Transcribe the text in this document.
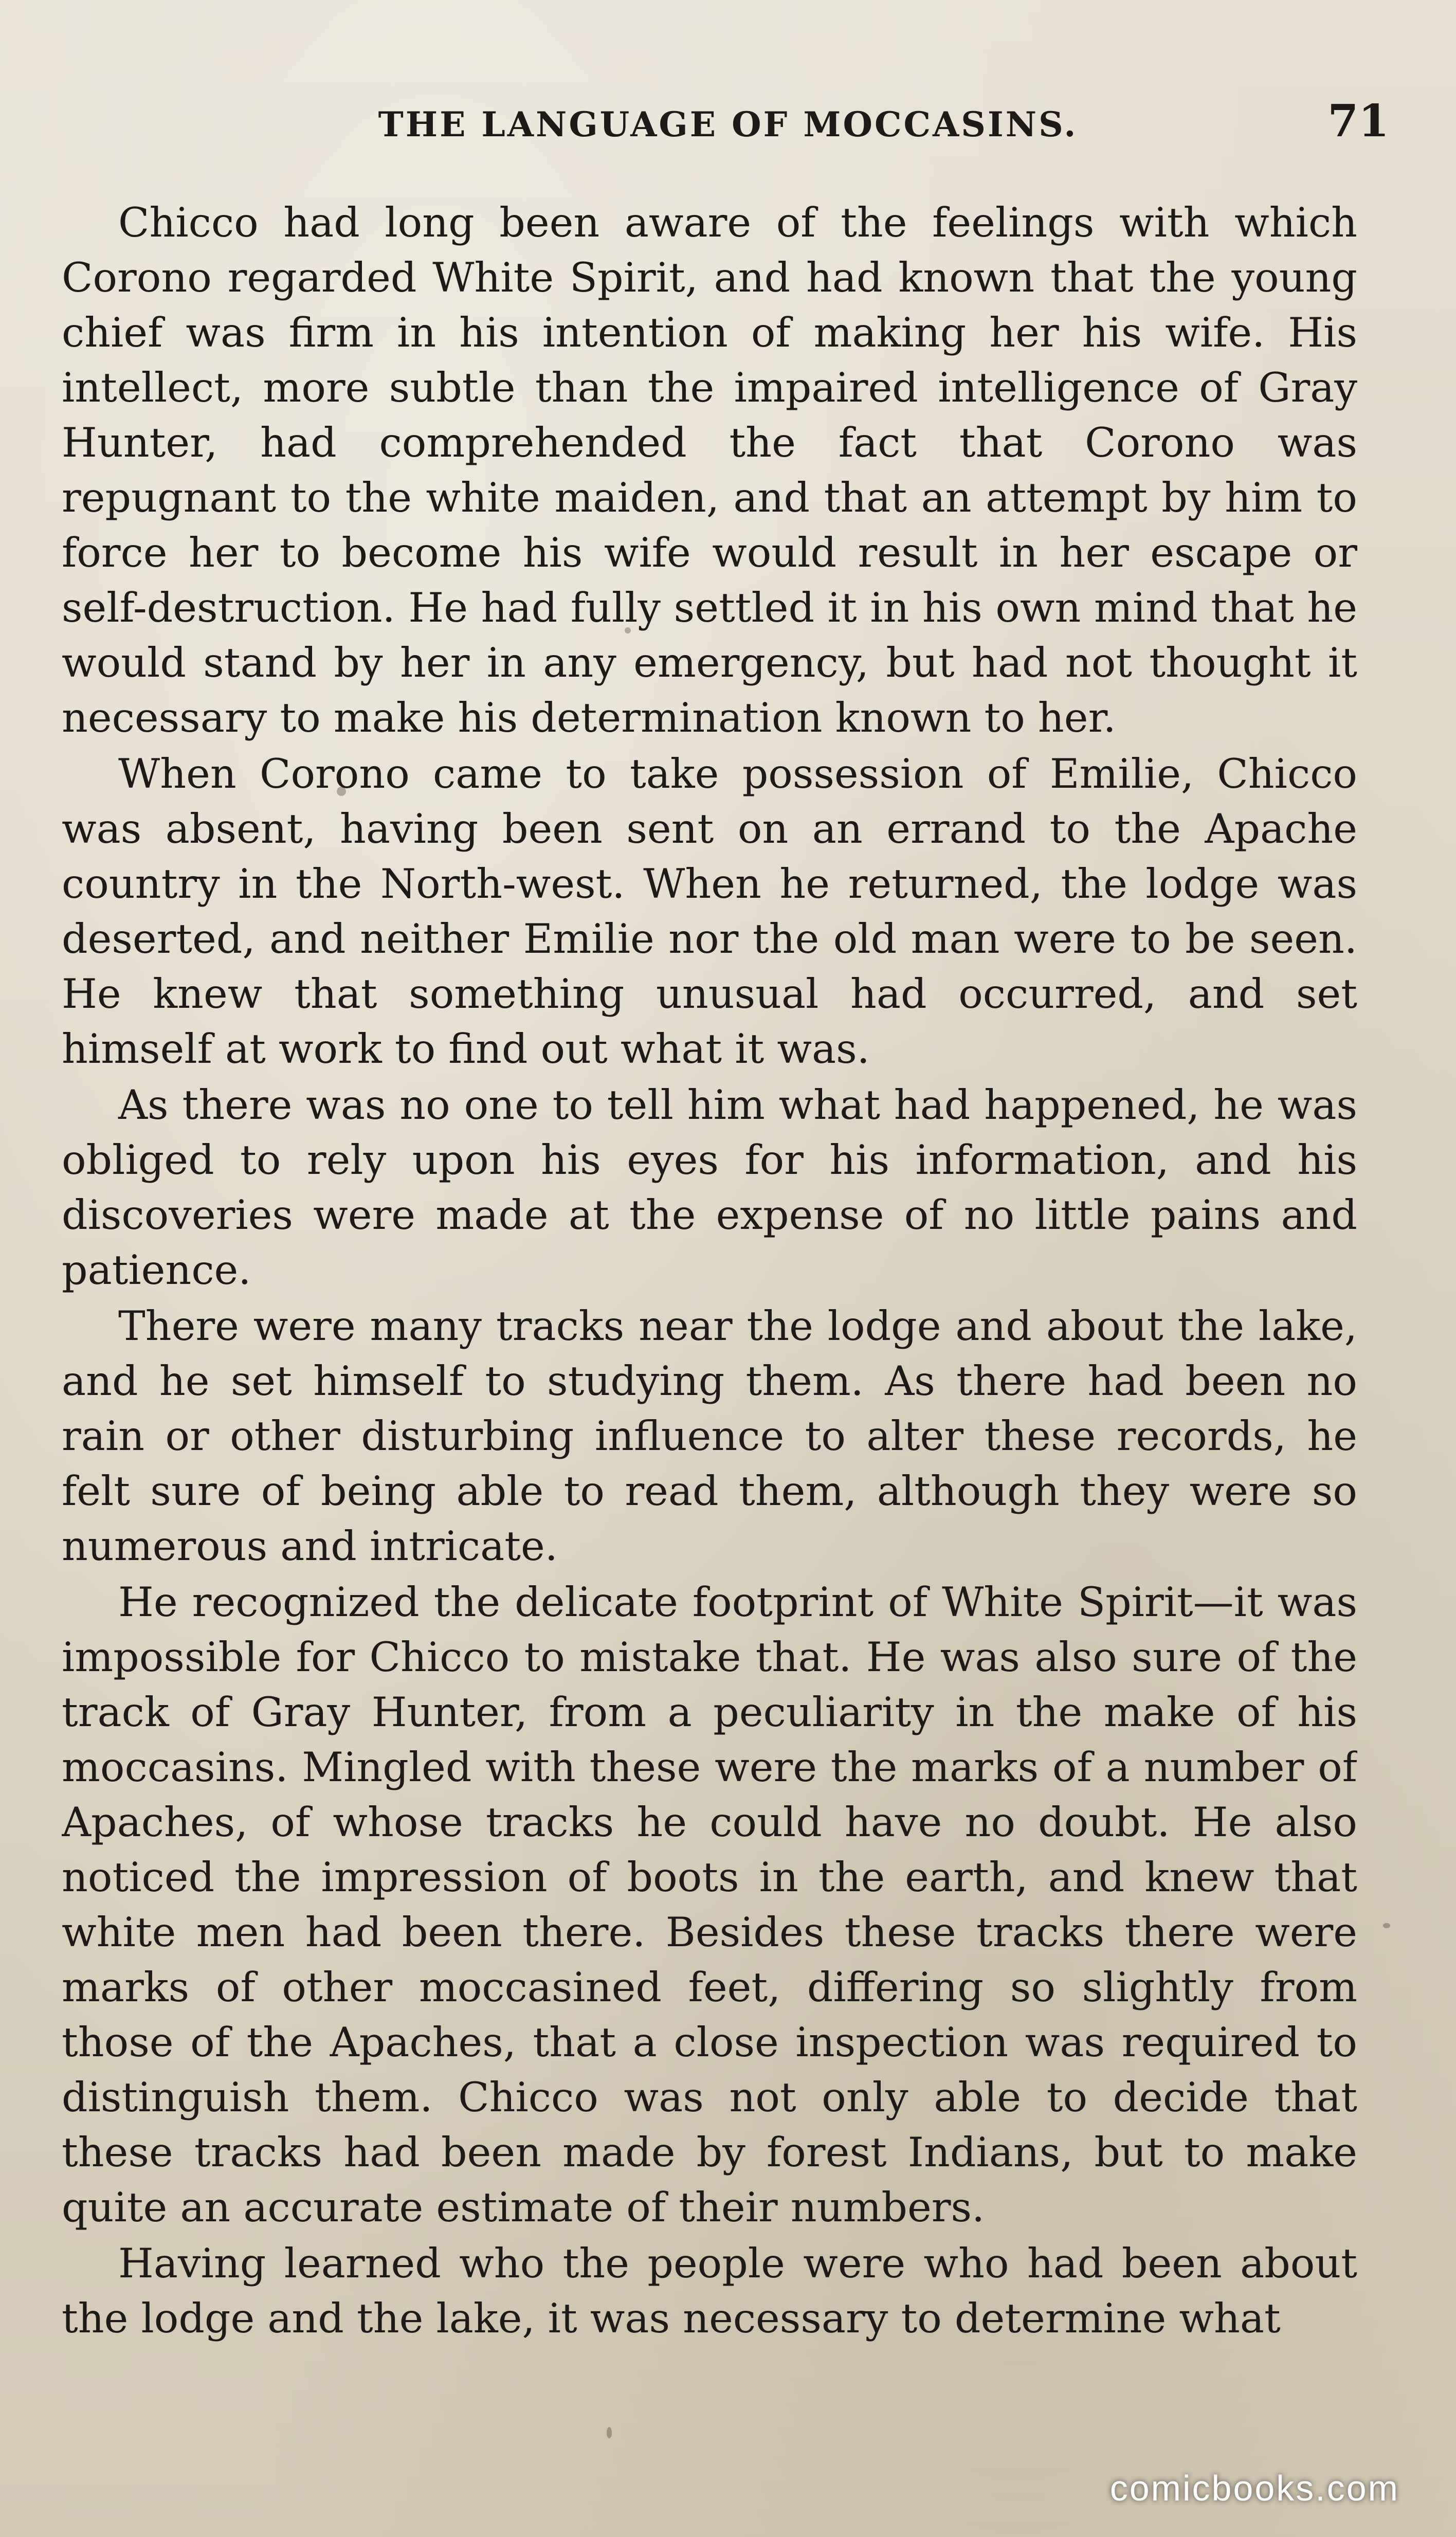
THE LANGUAGE OF MOCCASINS.	71

Chicco had long been aware of the feelings with which Corono regarded White Spirit, and had known that the young chief was firm in his intention of making her his wife. His intellect, more subtle than the impaired intelligence of Gray Hunter, had comprehended the fact that Corono was repugnant to the white maiden, and that an attempt by him to force her to become his wife would result in her escape or self-destruction. He had fully settled it in his own mind that he would stand by her in any emergency, but had not thought it necessary to make his determination known to her.

When Corono came to take possession of Emilie, Chicco was absent, having been sent on an errand to the Apache country in the North-west. When he returned, the lodge was deserted, and neither Emilie nor the old man were to be seen. He knew that something unusual had occurred, and set himself at work to find out what it was.

As there was no one to tell him what had happened, he was obliged to rely upon his eyes for his information, and his discoveries were made at the expense of no little pains and patience.

There were many tracks near the lodge and about the lake, and he set himself to studying them. As there had been no rain or other disturbing influence to alter these records, he felt sure of being able to read them, although they were so numerous and intricate.

He recognized the delicate footprint of White Spirit—it was impossible for Chicco to mistake that. He was also sure of the track of Gray Hunter, from a peculiarity in the make of his moccasins. Mingled with these were the marks of a number of Apaches, of whose tracks he could have no doubt. He also noticed the impression of boots in the earth, and knew that white men had been there. Besides these tracks there were marks of other moccasined feet, differing so slightly from those of the Apaches, that a close inspection was required to distinguish them. Chicco was not only able to decide that these tracks had been made by forest Indians, but to make quite an accurate estimate of their numbers.

Having learned who the people were who had been about the lodge and the lake, it was necessary to determine what

comicbooks.com
